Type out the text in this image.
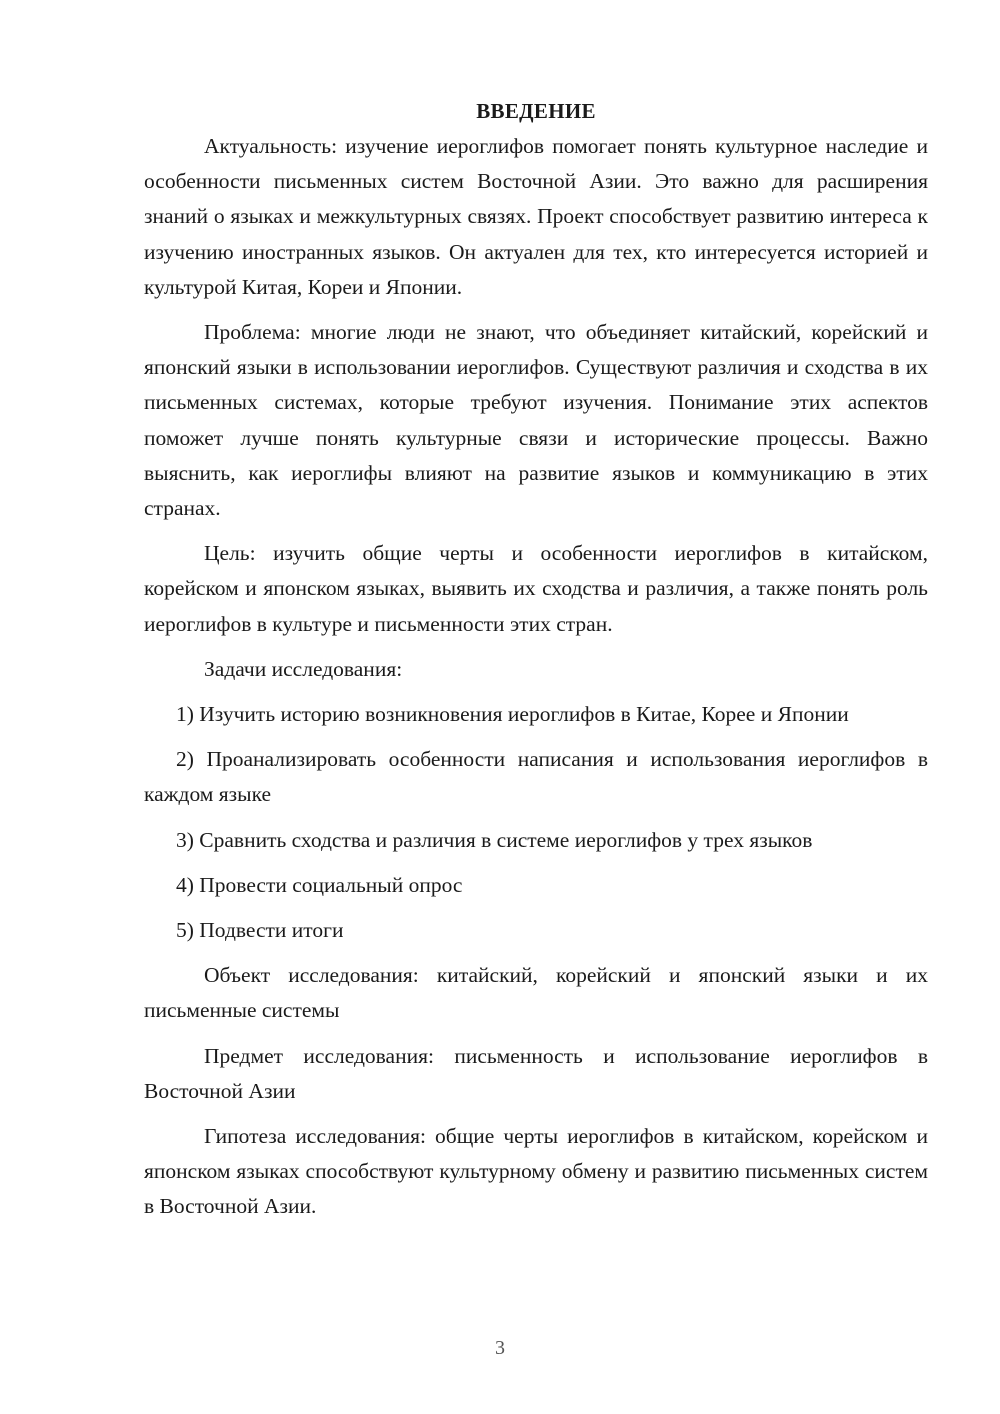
ВВЕДЕНИЕ

Актуальность: изучение иероглифов помогает понять культурное наследие и особенности письменных систем Восточной Азии. Это важно для расширения знаний о языках и межкультурных связях. Проект способствует развитию интереса к изучению иностранных языков. Он актуален для тех, кто интересуется историей и культурой Китая, Кореи и Японии.

Проблема: многие люди не знают, что объединяет китайский, корейский и японский языки в использовании иероглифов. Существуют различия и сходства в их письменных системах, которые требуют изучения. Понимание этих аспектов поможет лучше понять культурные связи и исторические процессы. Важно выяснить, как иероглифы влияют на развитие языков и коммуникацию в этих странах.

Цель: изучить общие черты и особенности иероглифов в китайском, корейском и японском языках, выявить их сходства и различия, а также понять роль иероглифов в культуре и письменности этих стран.

Задачи исследования:

1) Изучить историю возникновения иероглифов в Китае, Корее и Японии

2) Проанализировать особенности написания и использования иероглифов в каждом языке

3) Сравнить сходства и различия в системе иероглифов у трех языков

4) Провести социальный опрос

5) Подвести итоги

Объект исследования: китайский, корейский и японский языки и их письменные системы

Предмет исследования: письменность и использование иероглифов в Восточной Азии

Гипотеза исследования: общие черты иероглифов в китайском, корейском и японском языках способствуют культурному обмену и развитию письменных систем в Восточной Азии.

3
